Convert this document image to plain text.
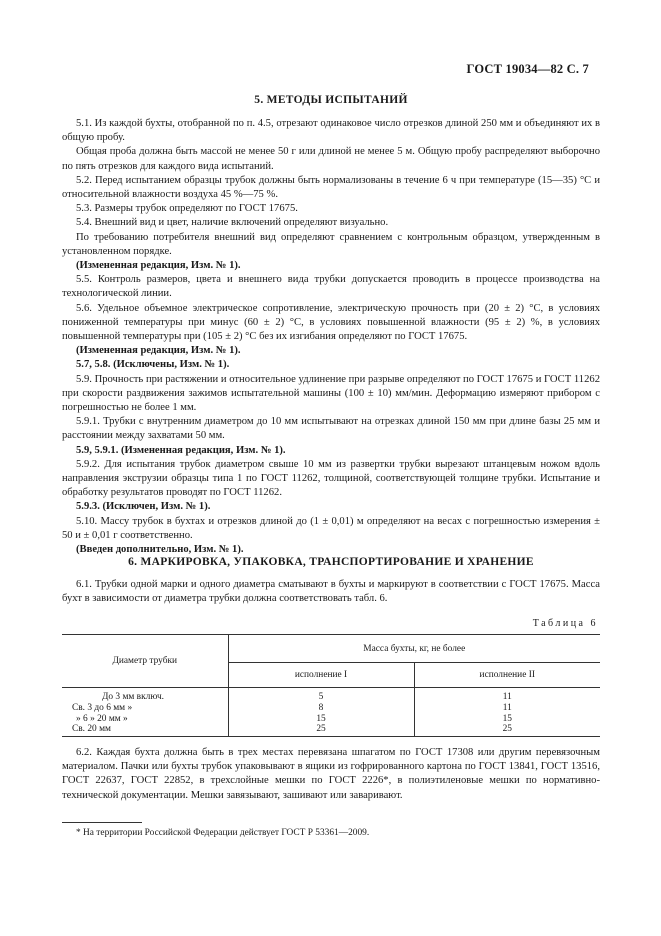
ГОСТ 19034—82 С. 7
5. МЕТОДЫ ИСПЫТАНИЙ

5.1. Из каждой бухты, отобранной по п. 4.5, отрезают одинаковое число отрезков длиной 250 мм и объединяют их в общую пробу.

Общая проба должна быть массой не менее 50 г или длиной не менее 5 м. Общую пробу распределяют выборочно по пять отрезков для каждого вида испытаний.

5.2. Перед испытанием образцы трубок должны быть нормализованы в течение 6 ч при температуре (15—35) °С и относительной влажности воздуха 45 %—75 %.

5.3. Размеры трубок определяют по ГОСТ 17675.

5.4. Внешний вид и цвет, наличие включений определяют визуально.

По требованию потребителя внешний вид определяют сравнением с контрольным образцом, утвержденным в установленном порядке.

(Измененная редакция, Изм. № 1).

5.5. Контроль размеров, цвета и внешнего вида трубки допускается проводить в процессе производства на технологической линии.

5.6. Удельное объемное электрическое сопротивление, электрическую прочность при (20 ± 2) °С, в условиях пониженной температуры при минус (60 ± 2) °С, в условиях повышенной влажности (95 ± 2) %, в условиях повышенной температуры при (105 ± 2) °С без их изгибания определяют по ГОСТ 17675.

(Измененная редакция, Изм. № 1).

5.7, 5.8. (Исключены, Изм. № 1).

5.9. Прочность при растяжении и относительное удлинение при разрыве определяют по ГОСТ 17675 и ГОСТ 11262 при скорости раздвижения зажимов испытательной машины (100 ± 10) мм/мин. Деформацию измеряют прибором с погрешностью не более 1 мм.

5.9.1. Трубки с внутренним диаметром до 10 мм испытывают на отрезках длиной 150 мм при длине базы 25 мм и расстоянии между захватами 50 мм.

5.9, 5.9.1. (Измененная редакция, Изм. № 1).

5.9.2. Для испытания трубок диаметром свыше 10 мм из развертки трубки вырезают штанцевым ножом вдоль направления экструзии образцы типа 1 по ГОСТ 11262, толщиной, соответствующей толщине трубки. Испытание и обработку результатов проводят по ГОСТ 11262.

5.9.3. (Исключен, Изм. № 1).

5.10. Массу трубок в бухтах и отрезков длиной до (1 ± 0,01) м определяют на весах с погрешностью измерения ± 50 и ± 0,01 г соответственно.

(Введен дополнительно, Изм. № 1).

6. МАРКИРОВКА, УПАКОВКА, ТРАНСПОРТИРОВАНИЕ И ХРАНЕНИЕ

6.1. Трубки одной марки и одного диаметра сматывают в бухты и маркируют в соответствии с ГОСТ 17675. Масса бухт в зависимости от диаметра трубки должна соответствовать табл. 6.

Таблица 6
Диаметр трубки	Масса бухты, кг, не более	
	исполнение I	исполнение II
До 3 мм включ.	5	11
Св. 3 до 6 мм »	8	11
» 6 » 20 мм »	15	15
Св. 20 мм	25	25

6.2. Каждая бухта должна быть в трех местах перевязана шпагатом по ГОСТ 17308 или другим перевязочным материалом. Пачки или бухты трубок упаковывают в ящики из гофрированного картона по ГОСТ 13841, ГОСТ 13516, ГОСТ 22637, ГОСТ 22852, в трехслойные мешки по ГОСТ 2226*, в полиэтиленовые мешки по нормативно-технической документации. Мешки завязывают, зашивают или заваривают.

* На территории Российской Федерации действует ГОСТ Р 53361—2009.
